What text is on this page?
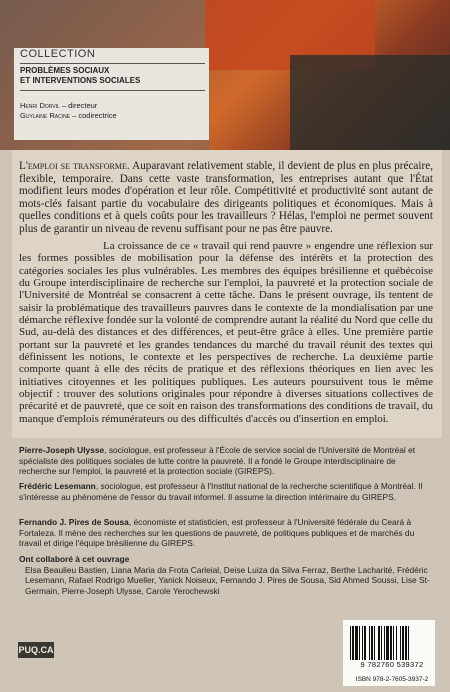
COLLECTION
PROBLÈMES SOCIAUX
ET INTERVENTIONS SOCIALES
Henri Dorvil – directeur
Guylaine Racine – codirectrice
L'emploi se transforme. Auparavant relativement stable, il devient de plus en plus précaire, flexible, temporaire. Dans cette vaste transformation, les entreprises autant que l'État modifient leurs modes d'opération et leur rôle. Compétitivité et productivité sont autant de mots-clés faisant partie du vocabulaire des dirigeants politiques et économiques. Mais à quelles conditions et à quels coûts pour les travailleurs ? Hélas, l'emploi ne permet souvent plus de garantir un niveau de revenu suffisant pour ne pas être pauvre.

La croissance de ce « travail qui rend pauvre » engendre une réflexion sur les formes possibles de mobilisation pour la défense des intérêts et la protection des catégories sociales les plus vulnérables. Les membres des équipes brésilienne et québécoise du Groupe interdisciplinaire de recherche sur l'emploi, la pauvreté et la protection sociale de l'Université de Montréal se consacrent à cette tâche. Dans le présent ouvrage, ils tentent de saisir la problématique des travailleurs pauvres dans le contexte de la mondialisation par une démarche réflexive fondée sur la volonté de comprendre autant la réalité du Nord que celle du Sud, au-delà des distances et des différences, et peut-être grâce à elles. Une première partie portant sur la pauvreté et les grandes tendances du marché du travail réunit des textes qui définissent les notions, le contexte et les perspectives de recherche. La deuxième partie comporte quant à elle des récits de pratique et des réflexions théoriques en lien avec les initiatives citoyennes et les politiques publiques. Les auteurs poursuivent tous le même objectif : trouver des solutions originales pour répondre à diverses situations collectives de précarité et de pauvreté, que ce soit en raison des transformations des conditions de travail, du manque d'emplois rémunérateurs ou des difficultés d'accès ou d'insertion en emploi.

Pierre-Joseph Ulysse, sociologue, est professeur à l'École de service social de l'Université de Montréal et spécialiste des politiques sociales de lutte contre la pauvreté. Il a fondé le Groupe interdisciplinaire de recherche sur l'emploi, la pauvreté et la protection sociale (GIREPS).
Frédéric Lesemann, sociologue, est professeur à l'Institut national de la recherche scientifique à Montréal. Il s'intéresse au phénomène de l'essor du travail informel. Il assume la direction intérimaire du GIREPS.
Fernando J. Pires de Sousa, économiste et statisticien, est professeur à l'Université fédérale du Ceará à Fortaleza. Il mène des recherches sur les questions de pauvreté, de politiques publiques et de marchés du travail et dirige l'équipe brésilienne du GIREPS.
Ont collaboré à cet ouvrage
Elsa Beaulieu Bastien, Liana Maria da Frota Carleial, Deise Luiza da Silva Ferraz, Berthe Lacharité, Frédéric Lesemann, Rafael Rodrigo Mueller, Yanick Noiseux, Fernando J. Pires de Sousa, Sid Ahmed Soussi, Lise St-Germain, Pierre-Joseph Ulysse, Carole Yerochewski
PUQ.CA
9 782760 539372
ISBN 978-2-7605-3937-2
